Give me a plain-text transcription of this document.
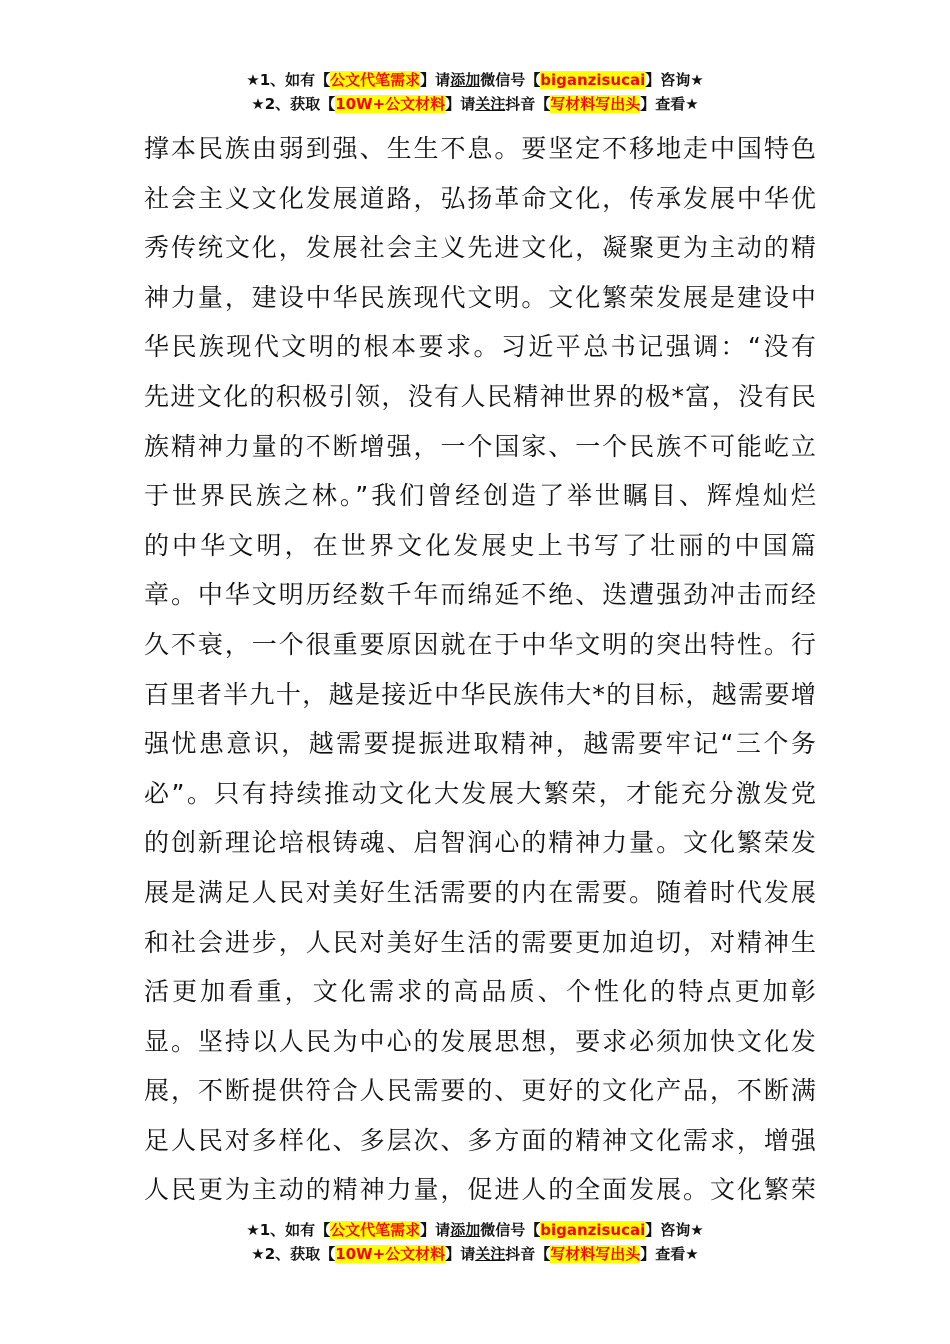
★1、如有【公文代笔需求】请添加微信号【biganzisucai】咨询★
★2、获取【10W+公文材料】请关注抖音【写材料写出头】查看★
撑本民族由弱到强、生生不息。要坚定不移地走中国特色
社会主义文化发展道路，弘扬革命文化，传承发展中华优
秀传统文化，发展社会主义先进文化，凝聚更为主动的精
神力量，建设中华民族现代文明。文化繁荣发展是建设中
华民族现代文明的根本要求。习近平总书记强调：“没有
先进文化的积极引领，没有人民精神世界的极*富，没有民
族精神力量的不断增强，一个国家、一个民族不可能屹立
于世界民族之林。”我们曾经创造了举世瞩目、辉煌灿烂
的中华文明，在世界文化发展史上书写了壮丽的中国篇
章。中华文明历经数千年而绵延不绝、迭遭强劲冲击而经
久不衰，一个很重要原因就在于中华文明的突出特性。行
百里者半九十，越是接近中华民族伟大*的目标，越需要增
强忧患意识，越需要提振进取精神，越需要牢记“三个务
必”。只有持续推动文化大发展大繁荣，才能充分激发党
的创新理论培根铸魂、启智润心的精神力量。文化繁荣发
展是满足人民对美好生活需要的内在需要。随着时代发展
和社会进步，人民对美好生活的需要更加迫切，对精神生
活更加看重，文化需求的高品质、个性化的特点更加彰
显。坚持以人民为中心的发展思想，要求必须加快文化发
展，不断提供符合人民需要的、更好的文化产品，不断满
足人民对多样化、多层次、多方面的精神文化需求，增强
人民更为主动的精神力量，促进人的全面发展。文化繁荣
★1、如有【公文代笔需求】请添加微信号【biganzisucai】咨询★
★2、获取【10W+公文材料】请关注抖音【写材料写出头】查看★
